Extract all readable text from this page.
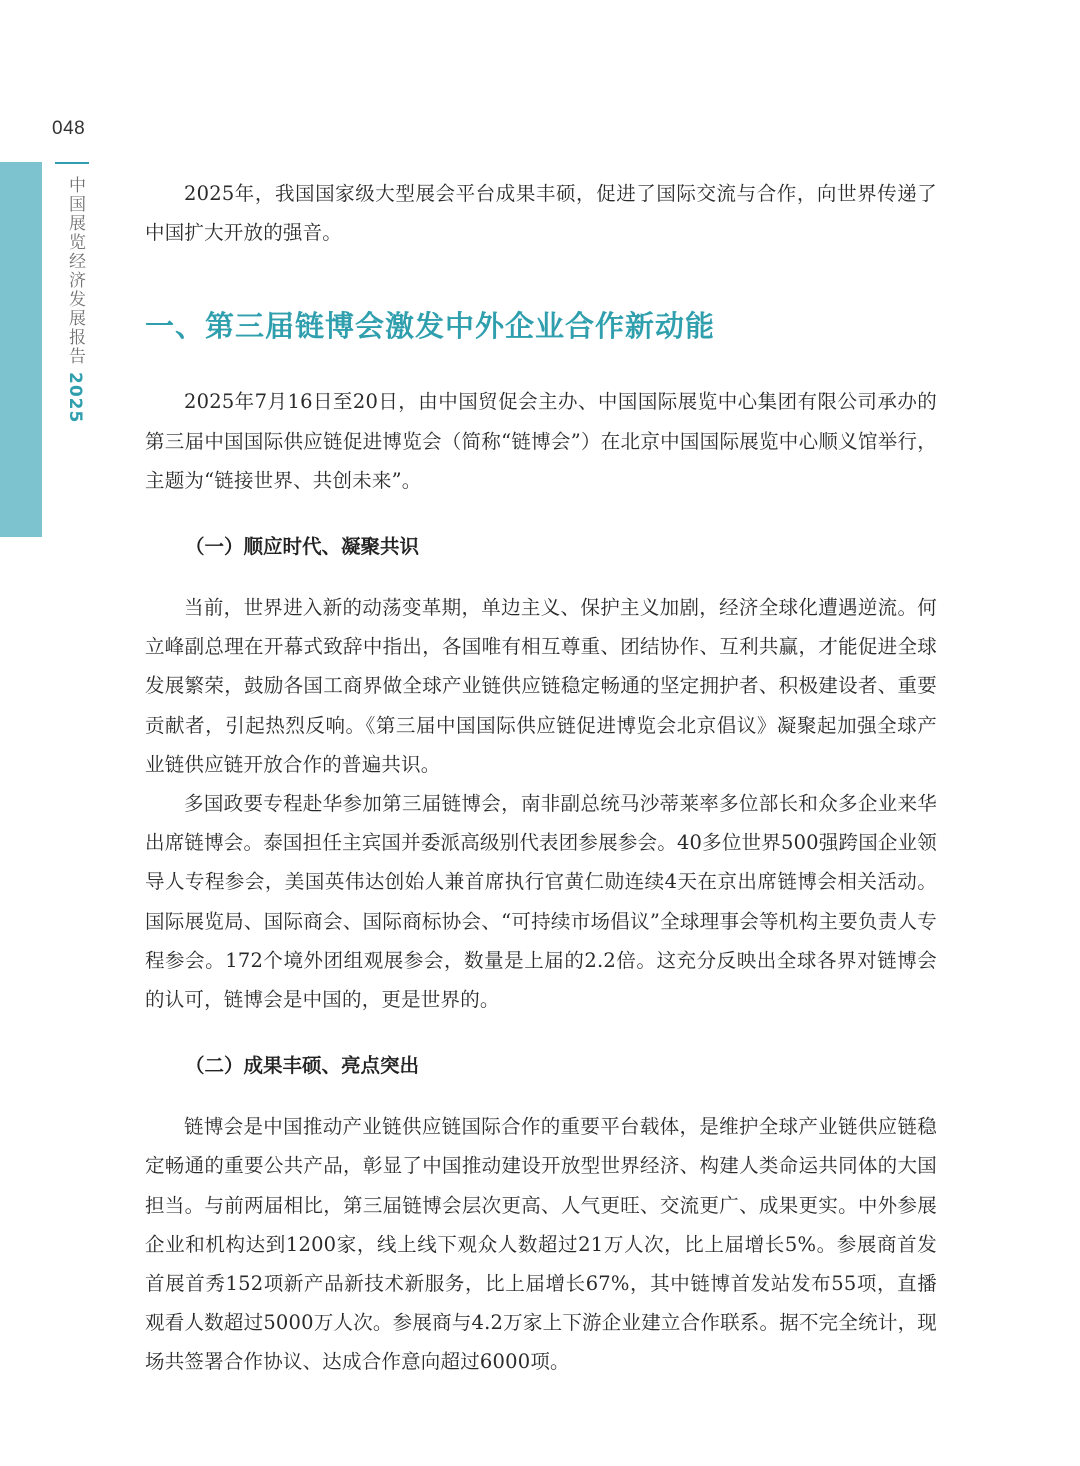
048
中国展览经济发展报告2025

2025年，我国国家级大型展会平台成果丰硕，促进了国际交流与合作，向世界传递了中国扩大开放的强音。

一、第三届链博会激发中外企业合作新动能

2025年7月16日至20日，由中国贸促会主办、中国国际展览中心集团有限公司承办的第三届中国国际供应链促进博览会（简称“链博会”）在北京中国国际展览中心顺义馆举行，主题为“链接世界、共创未来”。

（一）顺应时代、凝聚共识

当前，世界进入新的动荡变革期，单边主义、保护主义加剧，经济全球化遭遇逆流。何立峰副总理在开幕式致辞中指出，各国唯有相互尊重、团结协作、互利共赢，才能促进全球发展繁荣，鼓励各国工商界做全球产业链供应链稳定畅通的坚定拥护者、积极建设者、重要贡献者，引起热烈反响。《第三届中国国际供应链促进博览会北京倡议》凝聚起加强全球产业链供应链开放合作的普遍共识。

多国政要专程赴华参加第三届链博会，南非副总统马沙蒂莱率多位部长和众多企业来华出席链博会。泰国担任主宾国并委派高级别代表团参展参会。40多位世界500强跨国企业领导人专程参会，美国英伟达创始人兼首席执行官黄仁勋连续4天在京出席链博会相关活动。国际展览局、国际商会、国际商标协会、“可持续市场倡议”全球理事会等机构主要负责人专程参会。172个境外团组观展参会，数量是上届的2.2倍。这充分反映出全球各界对链博会的认可，链博会是中国的，更是世界的。

（二）成果丰硕、亮点突出

链博会是中国推动产业链供应链国际合作的重要平台载体，是维护全球产业链供应链稳定畅通的重要公共产品，彰显了中国推动建设开放型世界经济、构建人类命运共同体的大国担当。与前两届相比，第三届链博会层次更高、人气更旺、交流更广、成果更实。中外参展企业和机构达到1200家，线上线下观众人数超过21万人次，比上届增长5%。参展商首发首展首秀152项新产品新技术新服务，比上届增长67%，其中链博首发站发布55项，直播观看人数超过5000万人次。参展商与4.2万家上下游企业建立合作联系。据不完全统计，现场共签署合作协议、达成合作意向超过6000项。
